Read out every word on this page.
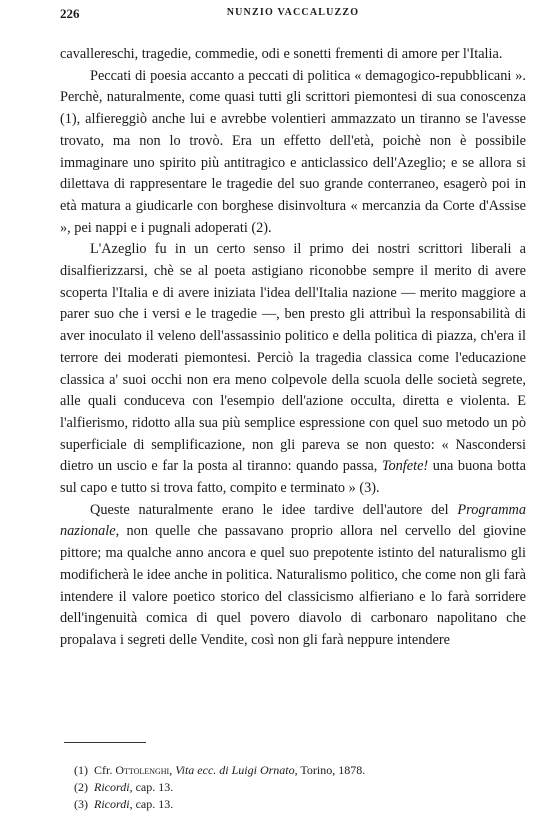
226	NUNZIO VACCALUZZO

cavallereschi, tragedie, commedie, odi e sonetti frementi di amore per l'Italia.

Peccati di poesia accanto a peccati di politica « demagogico-repubblicani ». Perchè, naturalmente, come quasi tutti gli scrittori piemontesi di sua conoscenza (1), alfiereggiò anche lui e avrebbe volentieri ammazzato un tiranno se l'avesse trovato, ma non lo trovò. Era un effetto dell'età, poichè non è possibile immaginare uno spirito più antitragico e anticlassico dell'Azeglio; e se allora si dilettava di rappresentare le tragedie del suo grande conterraneo, esagerò poi in età matura a giudicarle con borghese disinvoltura « mercanzia da Corte d'Assise », pei nappi e i pugnali adoperati (2).

L'Azeglio fu in un certo senso il primo dei nostri scrittori liberali a disalfierizzarsi, chè se al poeta astigiano riconobbe sempre il merito di avere scoperta l'Italia e di avere iniziata l'idea dell'Italia nazione — merito maggiore a parer suo che i versi e le tragedie —, ben presto gli attribuì la responsabilità di aver inoculato il veleno dell'assassinio politico e della politica di piazza, ch'era il terrore dei moderati piemontesi. Perciò la tragedia classica come l'educazione classica a' suoi occhi non era meno colpevole della scuola delle società segrete, alle quali conduceva con l'esempio dell'azione occulta, diretta e violenta. E l'alfierismo, ridotto alla sua più semplice espressione con quel suo metodo un pò superficiale di semplificazione, non gli pareva se non questo: « Nascondersi dietro un uscio e far la posta al tiranno: quando passa, Tonfete! una buona botta sul capo e tutto si trova fatto, compito e terminato » (3).

Queste naturalmente erano le idee tardive dell'autore del Programma nazionale, non quelle che passavano proprio allora nel cervello del giovine pittore; ma qualche anno ancora e quel suo prepotente istinto del naturalismo gli modificherà le idee anche in politica. Naturalismo politico, che come non gli farà intendere il valore poetico storico del classicismo alfieriano e lo farà sorridere dell'ingenuità comica di quel povero diavolo di carbonaro napolitano che propalava i segreti delle Vendite, così non gli farà neppure intendere

(1) Cfr. Ottolenghi, Vita ecc. di Luigi Ornato, Torino, 1878.
(2) Ricordi, cap. 13.
(3) Ricordi, cap. 13.
